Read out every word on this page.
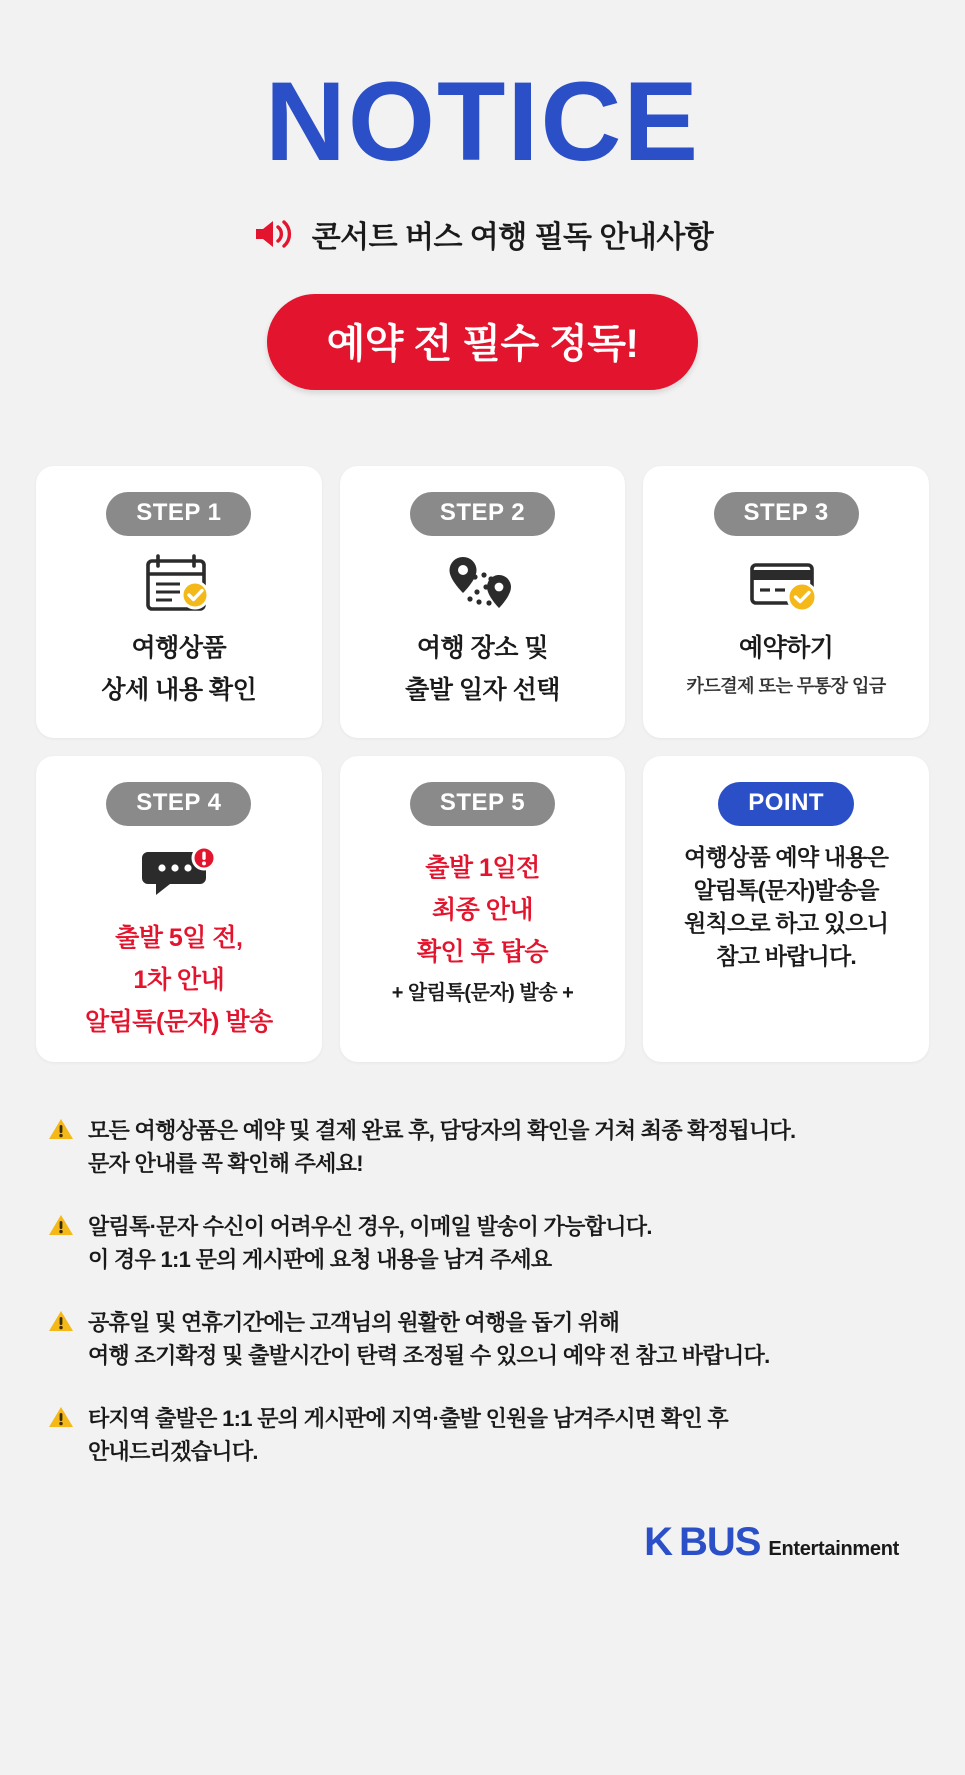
NOTICE
콘서트 버스 여행 필독 안내사항
예약 전 필수 정독!
STEP 1
여행상품
상세 내용 확인
STEP 2
여행 장소 및
출발 일자 선택
STEP 3
예약하기
카드결제 또는 무통장 입금
STEP 4
출발 5일 전,
1차 안내
알림톡(문자) 발송
STEP 5
출발 1일전
최종 안내
확인 후 탑승
+ 알림톡(문자) 발송 +
POINT
여행상품 예약 내용은
알림톡(문자)발송을
원칙으로 하고 있으니
참고 바랍니다.
모든 여행상품은 예약 및 결제 완료 후, 담당자의 확인을 거쳐 최종 확정됩니다.
문자 안내를 꼭 확인해 주세요!
알림톡·문자 수신이 어려우신 경우, 이메일 발송이 가능합니다.
이 경우 1:1 문의 게시판에 요청 내용을 남겨 주세요
공휴일 및 연휴기간에는 고객님의 원활한 여행을 돕기 위해
여행 조기확정 및 출발시간이 탄력 조정될 수 있으니 예약 전 참고 바랍니다.
타지역 출발은 1:1 문의 게시판에 지역·출발 인원을 남겨주시면 확인 후
안내드리겠습니다.
K BUS Entertainment
